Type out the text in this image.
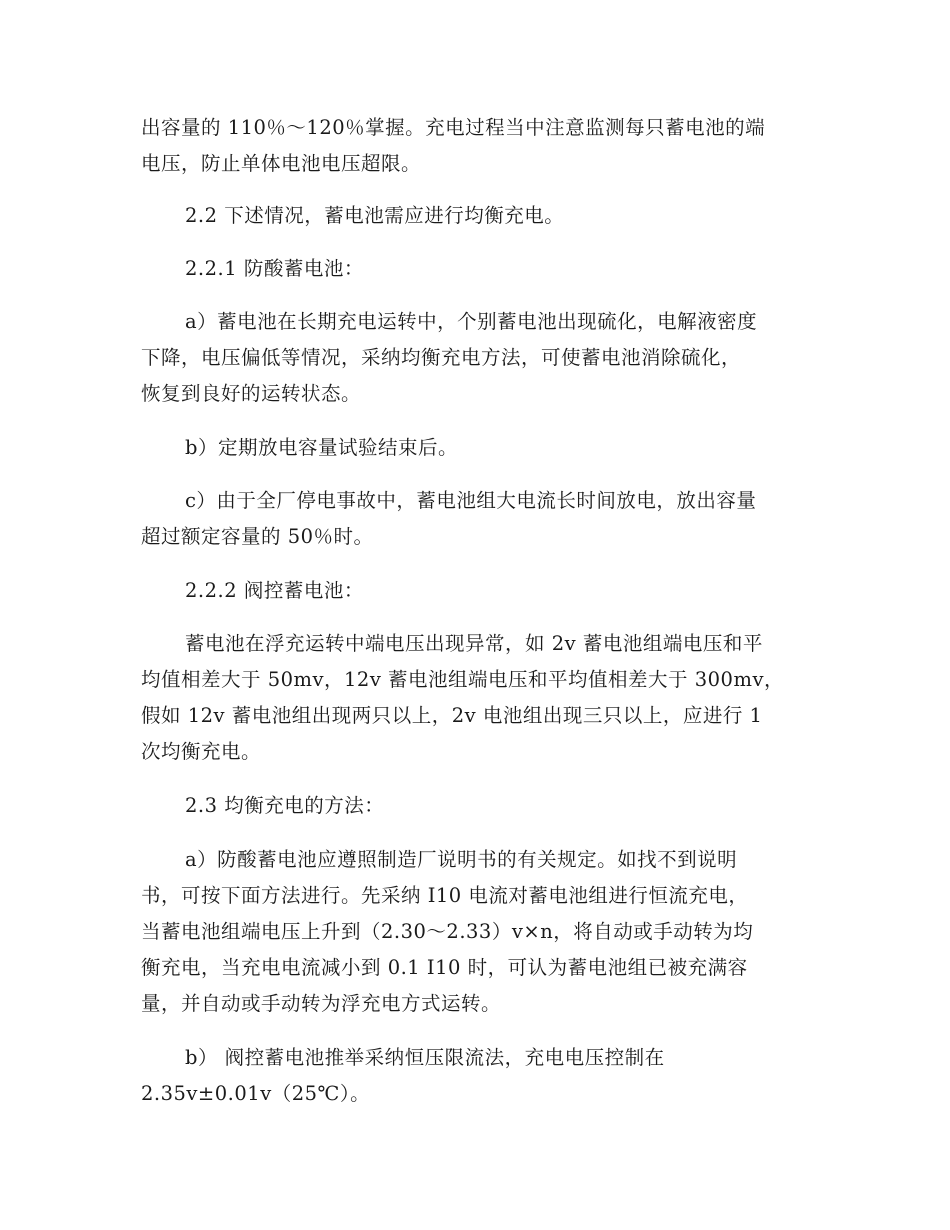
出容量的 110％～120％掌握。充电过程当中注意监测每只蓄电池的端
电压，防止单体电池电压超限。

2.2 下述情况，蓄电池需应进行均衡充电。

2.2.1 防酸蓄电池：

a）蓄电池在长期充电运转中，个别蓄电池出现硫化，电解液密度
下降，电压偏低等情况，采纳均衡充电方法，可使蓄电池消除硫化，
恢复到良好的运转状态。

b）定期放电容量试验结束后。

c）由于全厂停电事故中，蓄电池组大电流长时间放电，放出容量
超过额定容量的 50％时。

2.2.2 阀控蓄电池：

蓄电池在浮充运转中端电压出现异常，如 2v 蓄电池组端电压和平
均值相差大于 50mv，12v 蓄电池组端电压和平均值相差大于 300mv，
假如 12v 蓄电池组出现两只以上，2v 电池组出现三只以上，应进行 1
次均衡充电。

2.3 均衡充电的方法：

a）防酸蓄电池应遵照制造厂说明书的有关规定。如找不到说明
书，可按下面方法进行。先采纳 I10 电流对蓄电池组进行恒流充电，
当蓄电池组端电压上升到（2.30～2.33）v×n，将自动或手动转为均
衡充电，当充电电流减小到 0.1 I10 时，可认为蓄电池组已被充满容
量，并自动或手动转为浮充电方式运转。

b） 阀控蓄电池推举采纳恒压限流法，充电电压控制在
2.35v±0.01v（25℃）。
